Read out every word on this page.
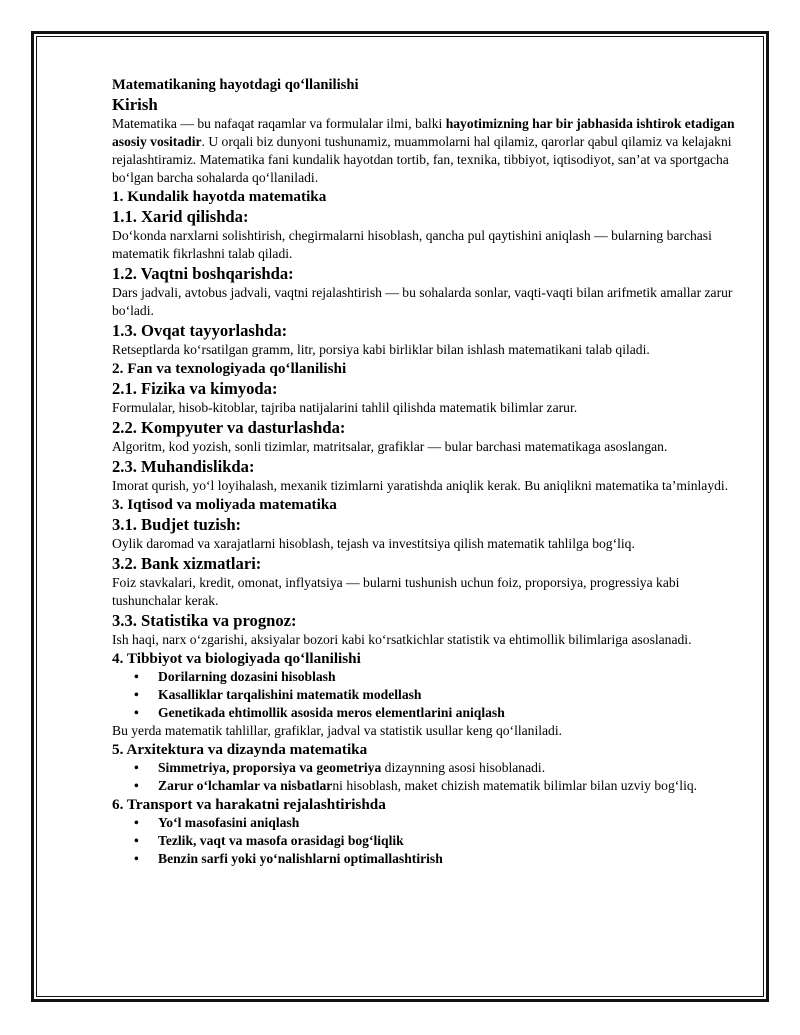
Matematikaning hayotdagi qo‘llanilishi

Kirish

Matematika — bu nafaqat raqamlar va formulalar ilmi, balki hayotimizning har bir jabhasida ishtirok etadigan asosiy vositadir. U orqali biz dunyoni tushunamiz, muammolarni hal qilamiz, qarorlar qabul qilamiz va kelajakni rejalashtiramiz. Matematika fani kundalik hayotdan tortib, fan, texnika, tibbiyot, iqtisodiyot, san’at va sportgacha bo‘lgan barcha sohalarda qo‘llaniladi.

1. Kundalik hayotda matematika

1.1. Xarid qilishda:

Do‘konda narxlarni solishtirish, chegirmalarni hisoblash, qancha pul qaytishini aniqlash — bularning barchasi matematik fikrlashni talab qiladi.

1.2. Vaqtni boshqarishda:

Dars jadvali, avtobus jadvali, vaqtni rejalashtirish — bu sohalarda sonlar, vaqti-vaqti bilan arifmetik amallar zarur bo‘ladi.

1.3. Ovqat tayyorlashda:

Retseptlarda ko‘rsatilgan gramm, litr, porsiya kabi birliklar bilan ishlash matematikani talab qiladi.

2. Fan va texnologiyada qo‘llanilishi

2.1. Fizika va kimyoda:

Formulalar, hisob-kitoblar, tajriba natijalarini tahlil qilishda matematik bilimlar zarur.

2.2. Kompyuter va dasturlashda:

Algoritm, kod yozish, sonli tizimlar, matritsalar, grafiklar — bular barchasi matematikaga asoslangan.

2.3. Muhandislikda:

Imorat qurish, yo‘l loyihalash, mexanik tizimlarni yaratishda aniqlik kerak. Bu aniqlikni matematika ta’minlaydi.

3. Iqtisod va moliyada matematika

3.1. Budjet tuzish:

Oylik daromad va xarajatlarni hisoblash, tejash va investitsiya qilish matematik tahlilga bog‘liq.

3.2. Bank xizmatlari:

Foiz stavkalari, kredit, omonat, inflyatsiya — bularni tushunish uchun foiz, proporsiya, progressiya kabi tushunchalar kerak.

3.3. Statistika va prognoz:

Ish haqi, narx o‘zgarishi, aksiyalar bozori kabi ko‘rsatkichlar statistik va ehtimollik bilimlariga asoslanadi.

4. Tibbiyot va biologiyada qo‘llanilishi

• Dorilarning dozasini hisoblash
• Kasalliklar tarqalishini matematik modellash
• Genetikada ehtimollik asosida meros elementlarini aniqlash

Bu yerda matematik tahlillar, grafiklar, jadval va statistik usullar keng qo‘llaniladi.

5. Arxitektura va dizaynda matematika

• Simmetriya, proporsiya va geometriya dizaynning asosi hisoblanadi.
• Zarur o‘lchamlar va nisbatlarni hisoblash, maket chizish matematik bilimlar bilan uzviy bog‘liq.

6. Transport va harakatni rejalashtirishda

• Yo‘l masofasini aniqlash
• Tezlik, vaqt va masofa orasidagi bog‘liqlik
• Benzin sarfi yoki yo‘nalishlarni optimallashtirish
